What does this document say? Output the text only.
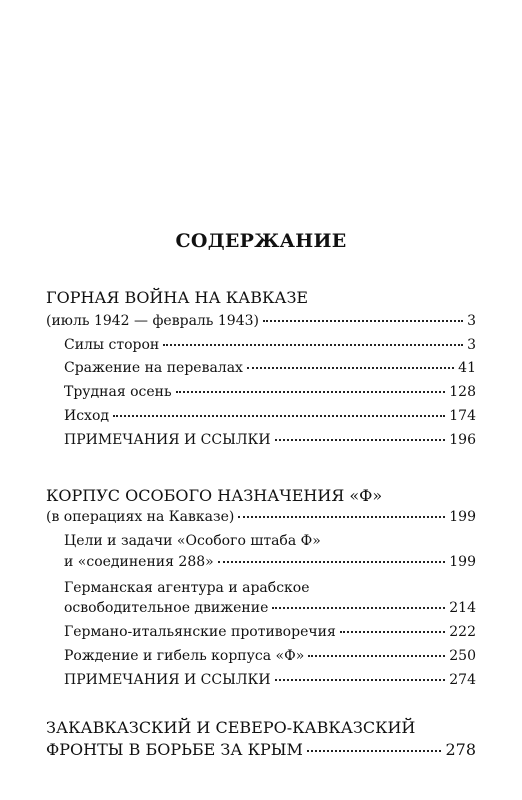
СОДЕРЖАНИЕ
ГОРНАЯ ВОЙНА НА КАВКАЗЕ
(июль 1942 — февраль 1943)	3
Силы сторон	3
Сражение на перевалах	41
Трудная осень	128
Исход	174
ПРИМЕЧАНИЯ И ССЫЛКИ	196
КОРПУС ОСОБОГО НАЗНАЧЕНИЯ «Ф»
(в операциях на Кавказе)	199
Цели и задачи «Особого штаба Ф»
и «соединения 288»	199
Германская агентура и арабское
освободительное движение	214
Германо-итальянские противоречия	222
Рождение и гибель корпуса «Ф»	250
ПРИМЕЧАНИЯ И ССЫЛКИ	274
ЗАКАВКАЗСКИЙ И СЕВЕРО-КАВКАЗСКИЙ
ФРОНТЫ В БОРЬБЕ ЗА КРЫМ	278
